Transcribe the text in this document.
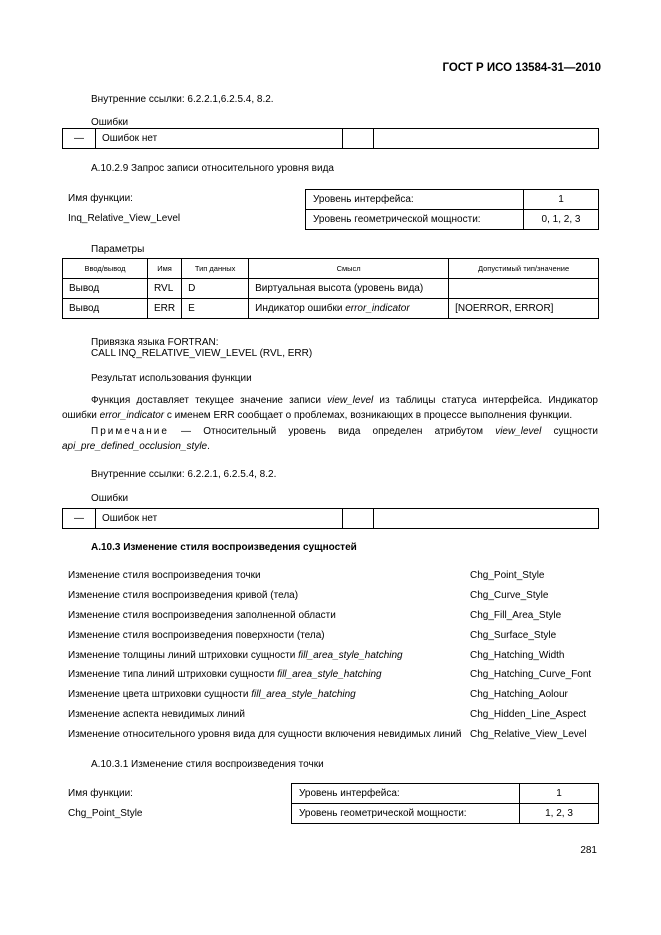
ГОСТ Р ИСО 13584-31—2010
Внутренние ссылки: 6.2.2.1,6.2.5.4, 8.2.
Ошибки
—	Ошибок нет		
А.10.2.9 Запрос записи относительного уровня вида
Имя функции:
Inq_Relative_View_Level
Уровень интерфейса:	1
Уровень геометрической мощности:	0, 1, 2, 3
Параметры
Ввод/вывод	Имя	Тип данных	Смысл	Допустимый тип/значение
Вывод	RVL	D	Виртуальная высота (уровень вида)	
Вывод	ERR	E	Индикатор ошибки error_indicator	[NOERROR, ERROR]
Привязка языка FORTRAN:
CALL INQ_RELATIVE_VIEW_LEVEL (RVL, ERR)
Результат использования функции
Функция доставляет текущее значение записи view_level из таблицы статуса интерфейса. Индикатор ошибки error_indicator с именем ERR сообщает о проблемах, возникающих в процессе выполнения функции.
Примечание — Относительный уровень вида определен атрибутом view_level сущности api_pre_defined_occlusion_style.
Внутренние ссылки: 6.2.2.1, 6.2.5.4, 8.2.
Ошибки
—	Ошибок нет		
А.10.3 Изменение стиля воспроизведения сущностей
Изменение стиля воспроизведения точки	Chg_Point_Style
Изменение стиля воспроизведения кривой (тела)	Chg_Curve_Style
Изменение стиля воспроизведения заполненной области	Chg_Fill_Area_Style
Изменение стиля воспроизведения поверхности (тела)	Chg_Surface_Style
Изменение толщины линий штриховки сущности fill_area_style_hatching	Chg_Hatching_Width
Изменение типа линий штриховки сущности fill_area_style_hatching	Chg_Hatching_Curve_Font
Изменение цвета штриховки сущности fill_area_style_hatching	Chg_Hatching_Aolour
Изменение аспекта невидимых линий	Chg_Hidden_Line_Aspect
Изменение относительного уровня вида для сущности включения невидимых линий Chg_Relative_View_Level
А.10.3.1 Изменение стиля воспроизведения точки
Имя функции:
Chg_Point_Style
Уровень интерфейса:	1
Уровень геометрической мощности:	1, 2, 3
281
